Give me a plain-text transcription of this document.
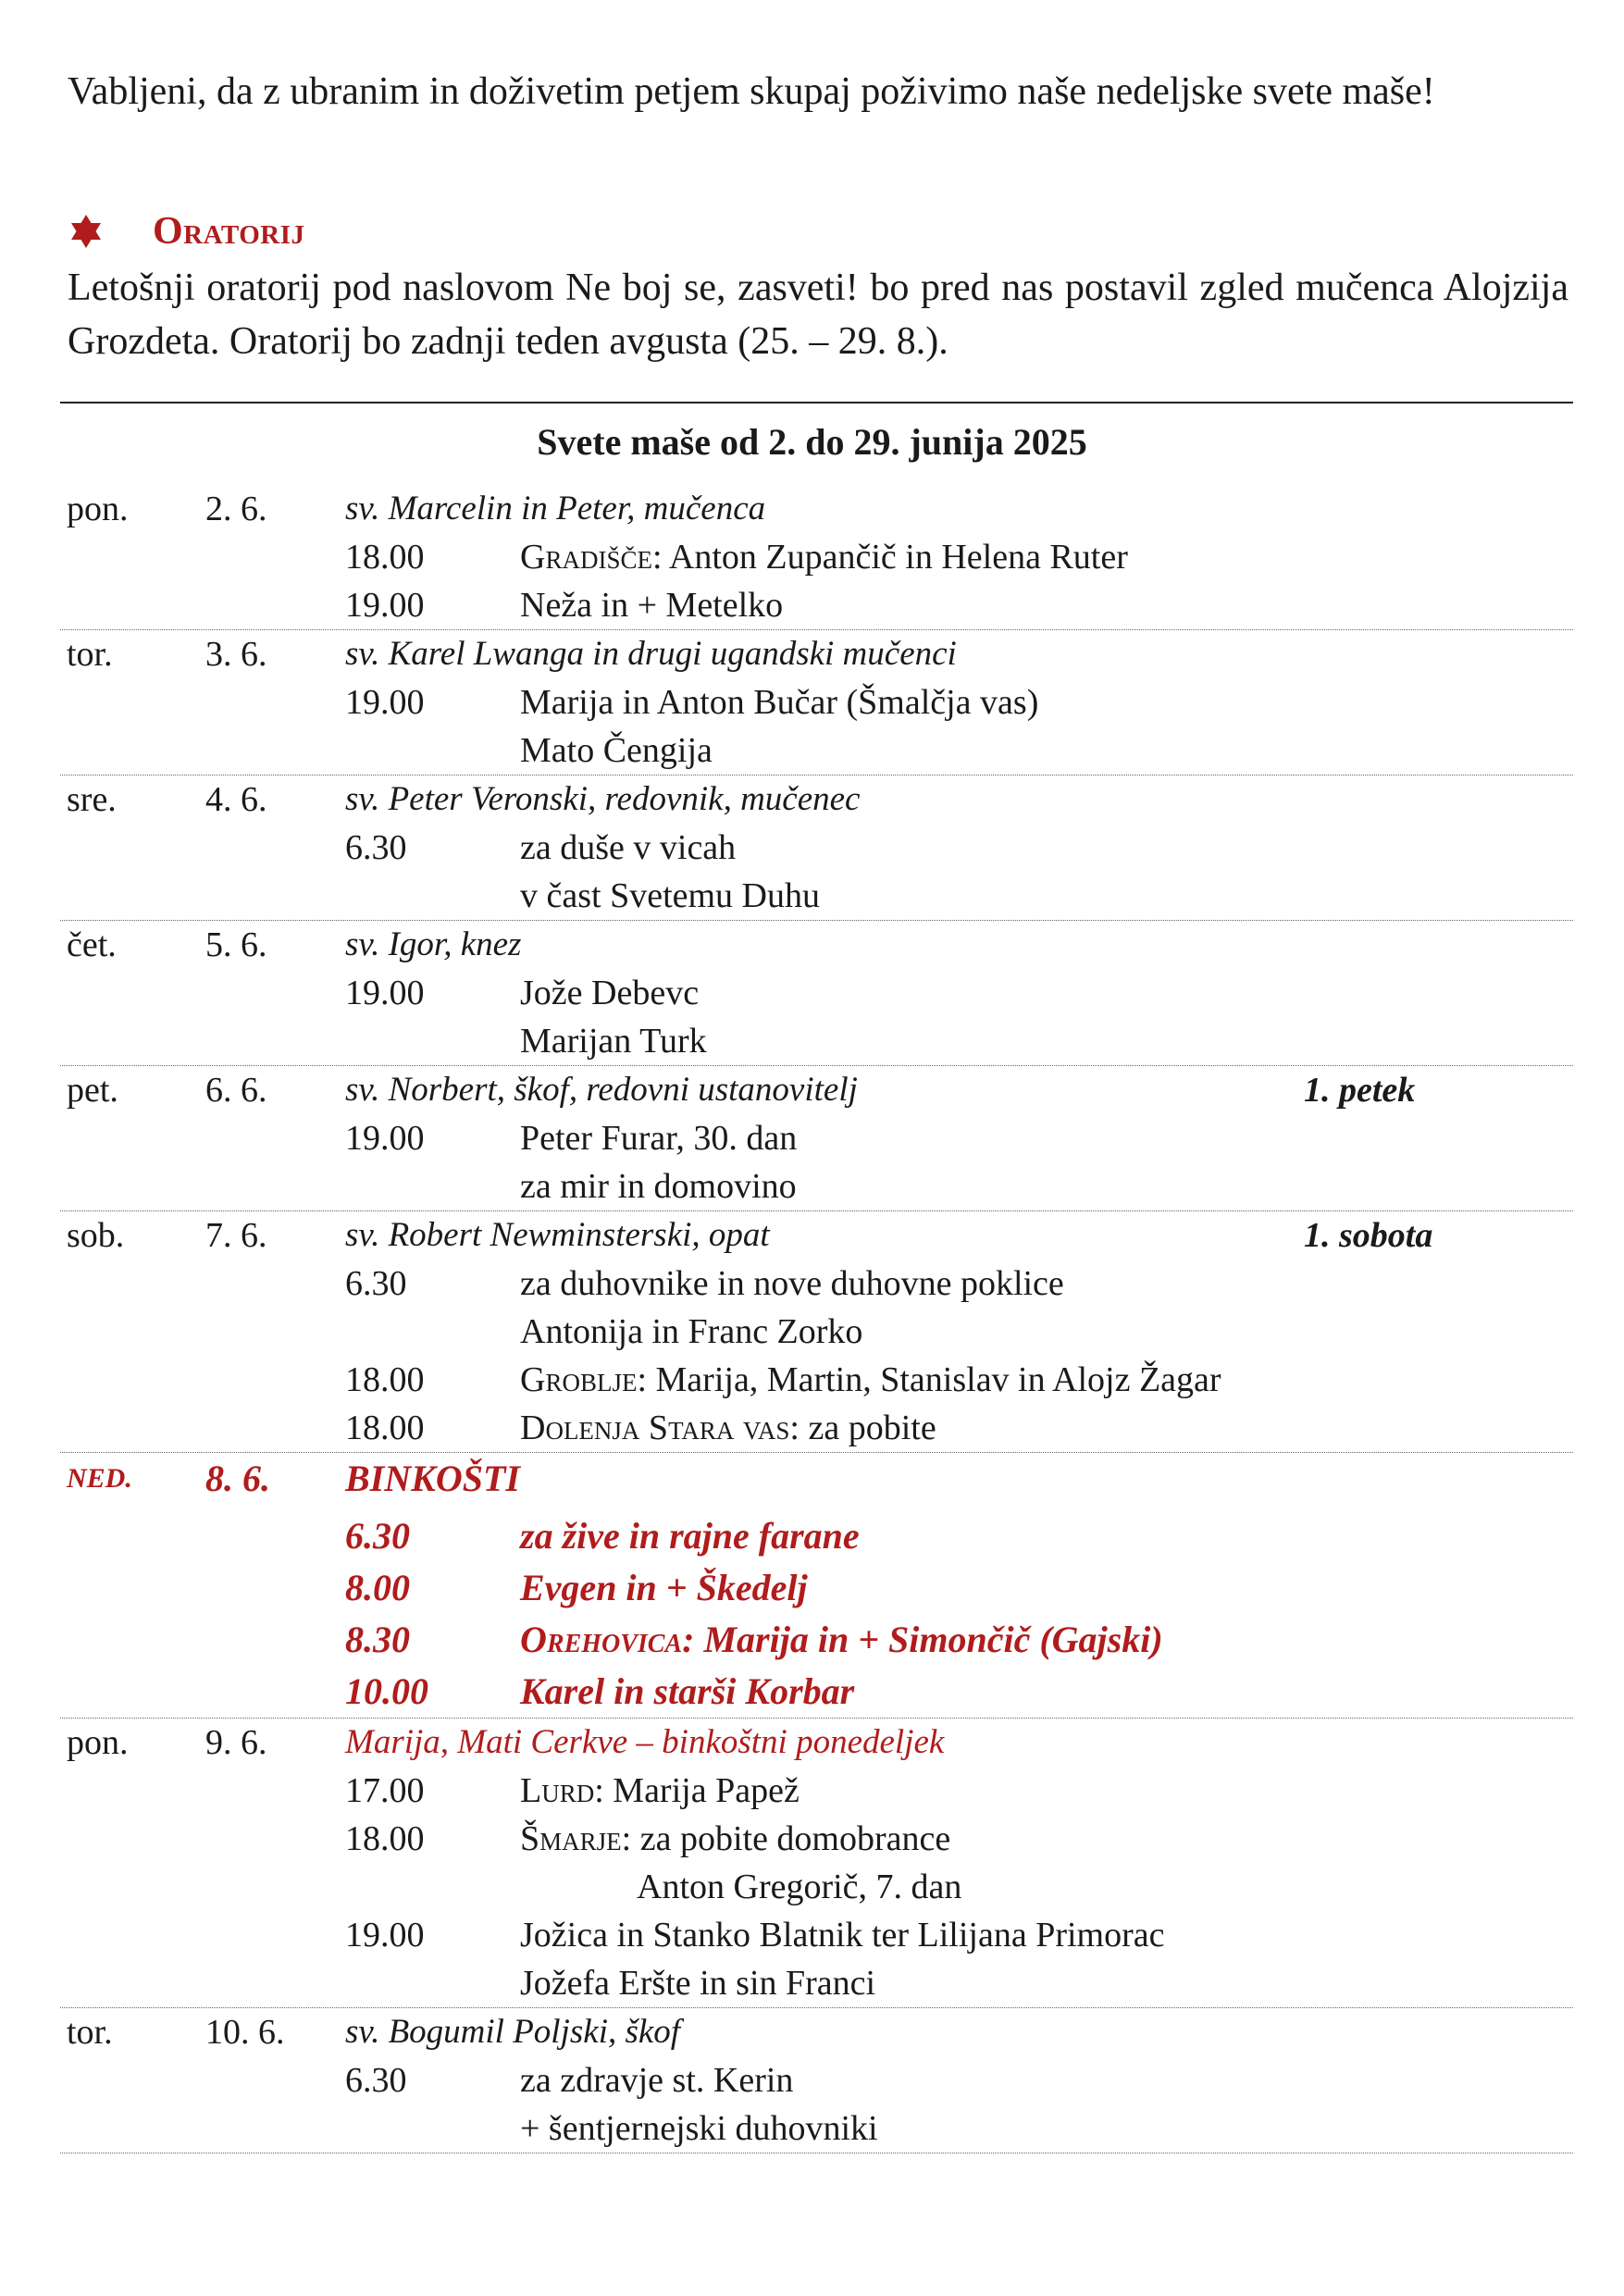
Vabljeni, da z ubranim in doživetim petjem skupaj poživimo naše nedeljske svete maše!

Oratorij

Letošnji oratorij pod naslovom Ne boj se, zasveti! bo pred nas postavil zgled mučenca Alojzija Grozdeta. Oratorij bo zadnji teden avgusta (25. – 29. 8.).

Svete maše od 2. do 29. junija 2025
pon. 2. 6. sv. Marcelin in Peter, mučenca
18.00	Gradišče: Anton Zupančič in Helena Ruter
19.00	Neža in + Metelko
tor.	3. 6. sv. Karel Lwanga in drugi ugandski mučenci
19.00	Marija in Anton Bučar (Šmalčja vas)
Mato Čengija
sre.	4. 6. sv. Peter Veronski, redovnik, mučenec
6.30	za duše v vicah
v čast Svetemu Duhu
čet.	5. 6. sv. Igor, knez
19.00	Jože Debevc
Marijan Turk
pet. 6. 6. sv. Norbert, škof, redovni ustanovitelj	1. petek
19.00	Peter Furar, 30. dan
za mir in domovino
sob. 7. 6. sv. Robert Newminsterski, opat	1. sobota
6.30	za duhovnike in nove duhovne poklice
Antonija in Franc Zorko
18.00	Groblje: Marija, Martin, Stanislav in Alojz Žagar
18.00	Dolenja Stara vas: za pobite
NED. 8. 6. BINKOŠTI
6.30	za žive in rajne farane
8.00	Evgen in + Škedelj
8.30	Orehovica: Marija in + Simončič (Gajski)
10.00 Karel in starši Korbar
pon. 9. 6. Marija, Mati Cerkve – binkoštni ponedeljek
17.00	Lurd: Marija Papež
18.00	Šmarje: za pobite domobrance
Anton Gregorič, 7. dan
19.00	Jožica in Stanko Blatnik ter Lilijana Primorac
Jožefa Eršte in sin Franci
tor.	10. 6. sv. Bogumil Poljski, škof
6.30	za zdravje st. Kerin
+ šentjernejski duhovniki
